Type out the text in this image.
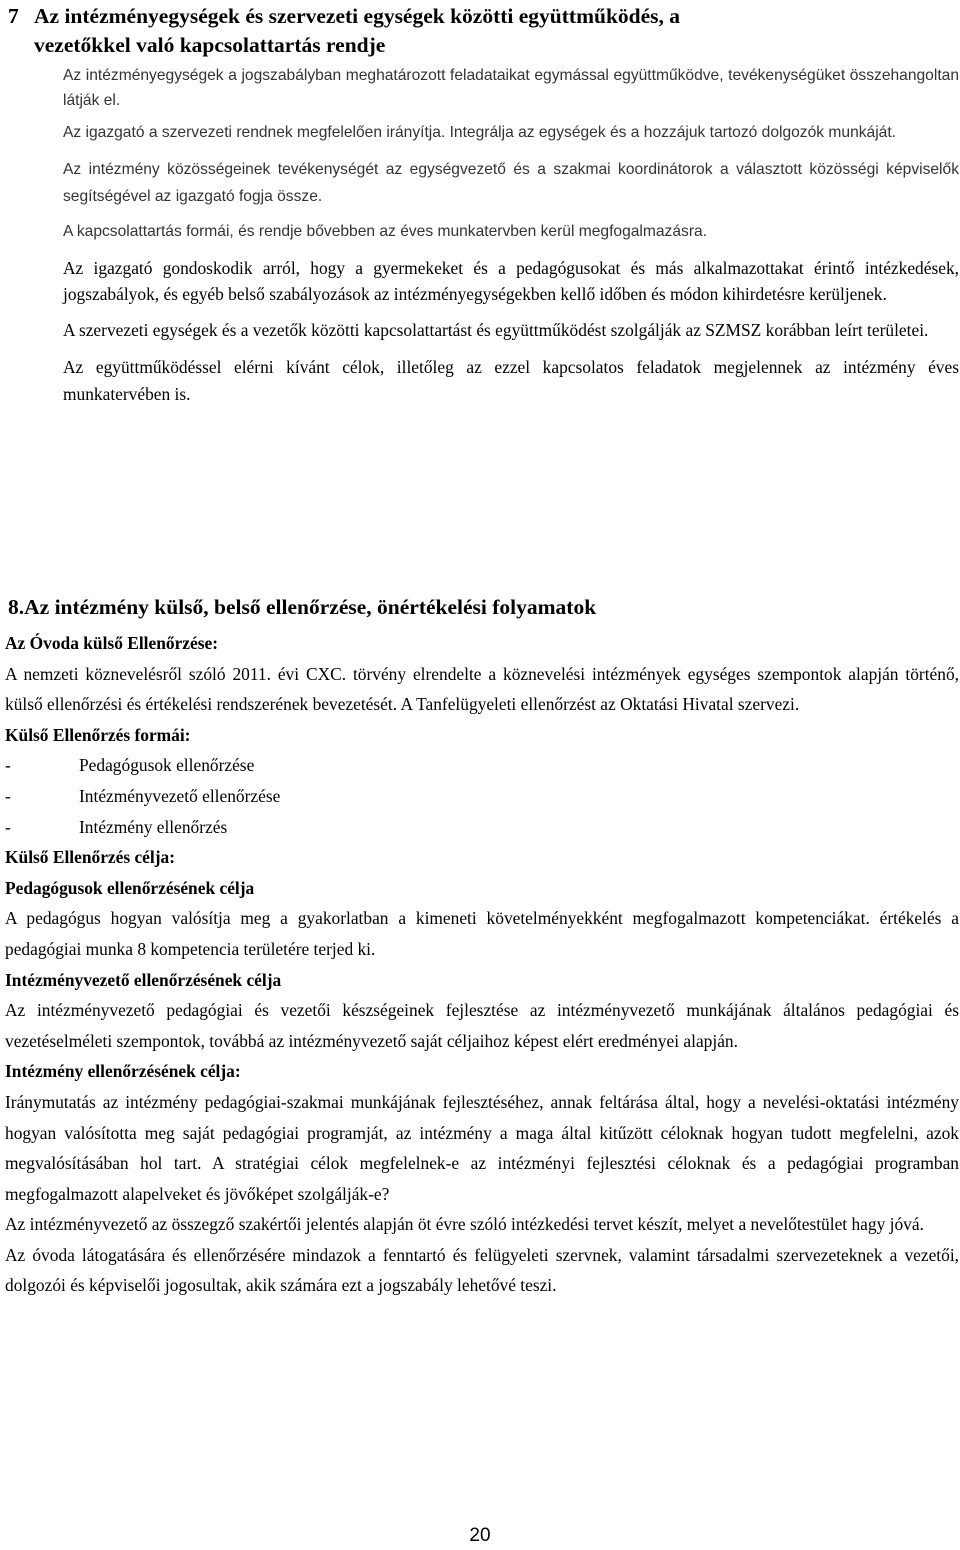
7 Az intézményegységek és szervezeti egységek közötti együttműködés, a
vezetőkkel való kapcsolattartás rendje

Az intézményegységek a jogszabályban meghatározott feladataikat egymással együttműködve, tevékenységüket összehangoltan látják el.

Az igazgató a szervezeti rendnek megfelelően irányítja. Integrálja az egységek és a hozzájuk tartozó dolgozók munkáját.

Az intézmény közösségeinek tevékenységét az egységvezető és a szakmai koordinátorok a választott közösségi képviselők segítségével az igazgató fogja össze.

A kapcsolattartás formái, és rendje bővebben az éves munkatervben kerül megfogalmazásra.

Az igazgató gondoskodik arról, hogy a gyermekeket és a pedagógusokat és más alkalmazottakat érintő intézkedések, jogszabályok, és egyéb belső szabályozások az intézményegységekben kellő időben és módon kihirdetésre kerüljenek.

A szervezeti egységek és a vezetők közötti kapcsolattartást és együttműködést szolgálják az SZMSZ korábban leírt területei.

Az együttműködéssel elérni kívánt célok, illetőleg az ezzel kapcsolatos feladatok megjelennek az intézmény éves munkatervében is.

8.Az intézmény külső, belső ellenőrzése, önértékelési folyamatok

Az Óvoda külső Ellenőrzése:

A nemzeti köznevelésről szóló 2011. évi CXC. törvény elrendelte a köznevelési intézmények egységes szempontok alapján történő, külső ellenőrzési és értékelési rendszerének bevezetését. A Tanfelügyeleti ellenőrzést az Oktatási Hivatal szervezi.

Külső Ellenőrzés formái:

-	Pedagógusok ellenőrzése
-	Intézményvezető ellenőrzése
-	Intézmény ellenőrzés

Külső Ellenőrzés célja:

Pedagógusok ellenőrzésének célja

A pedagógus hogyan valósítja meg a gyakorlatban a kimeneti követelményekként megfogalmazott kompetenciákat. értékelés a pedagógiai munka 8 kompetencia területére terjed ki.

Intézményvezető ellenőrzésének célja

Az intézményvezető pedagógiai és vezetői készségeinek fejlesztése az intézményvezető munkájának általános pedagógiai és vezetéselméleti szempontok, továbbá az intézményvezető saját céljaihoz képest elért eredményei alapján.

Intézmény ellenőrzésének célja:

Iránymutatás az intézmény pedagógiai-szakmai munkájának fejlesztéséhez, annak feltárása által, hogy a nevelési-oktatási intézmény hogyan valósította meg saját pedagógiai programját, az intézmény a maga által kitűzött céloknak hogyan tudott megfelelni, azok megvalósításában hol tart. A stratégiai célok megfelelnek-e az intézményi fejlesztési céloknak és a pedagógiai programban megfogalmazott alapelveket és jövőképet szolgálják-e?

Az intézményvezető az összegző szakértői jelentés alapján öt évre szóló intézkedési tervet készít, melyet a nevelőtestület hagy jóvá.

Az óvoda látogatására és ellenőrzésére mindazok a fenntartó és felügyeleti szervnek, valamint társadalmi szervezeteknek a vezetői, dolgozói és képviselői jogosultak, akik számára ezt a jogszabály lehetővé teszi.

20
